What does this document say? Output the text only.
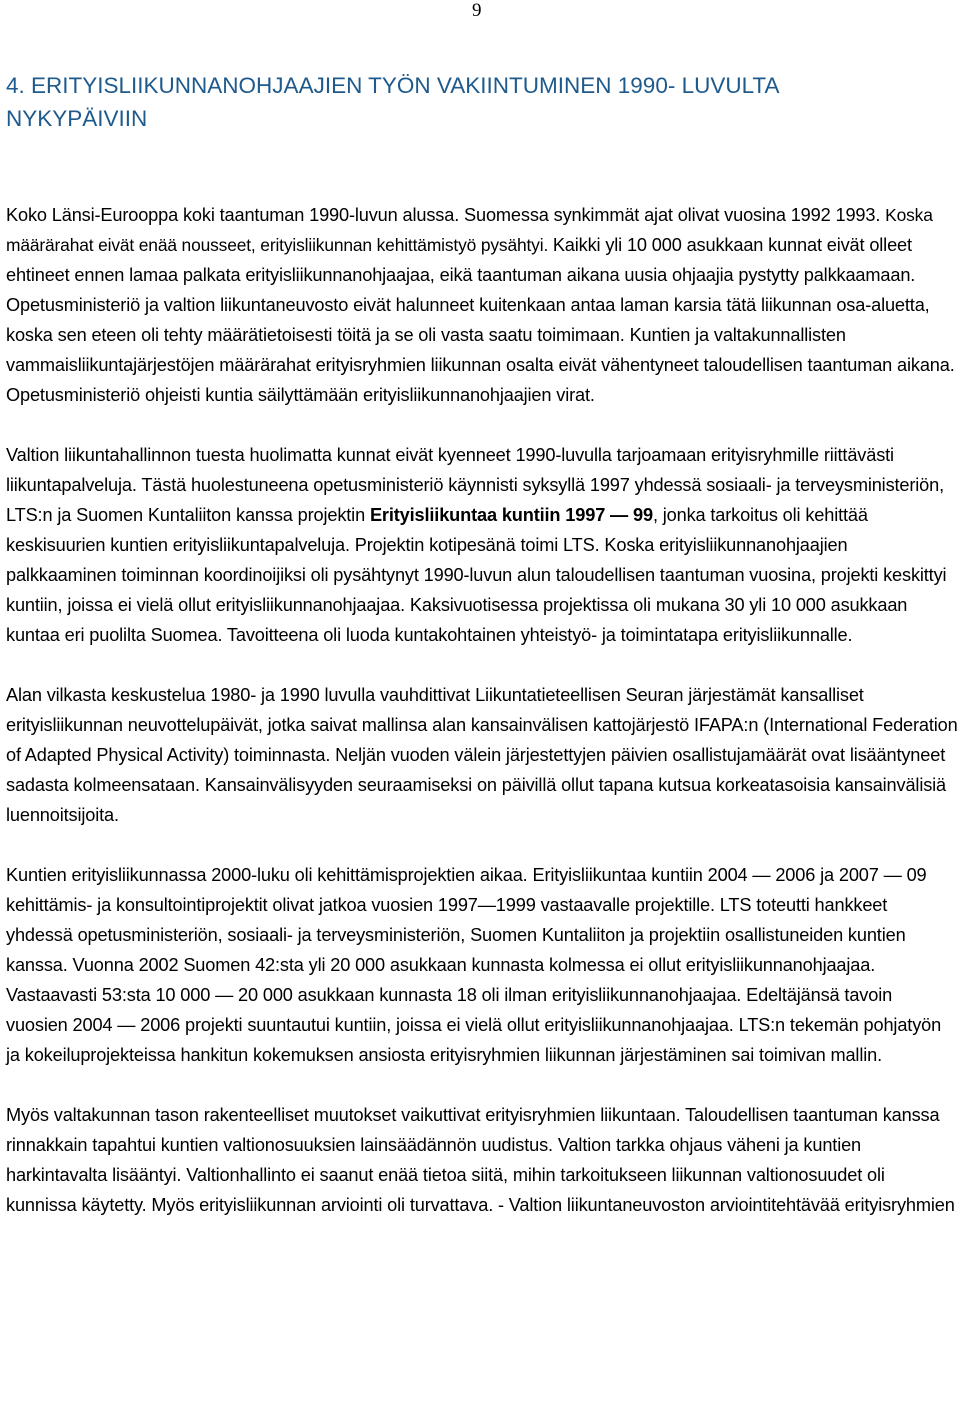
9
4. ERITYISLIIKUNNANOHJAAJIEN TYÖN VAKIINTUMINEN 1990- LUVULTA NYKYPÄIVIIN

Koko Länsi-Eurooppa koki taantuman 1990-luvun alussa. Suomessa synkimmät ajat olivat vuosina 1992 1993. Koska määrärahat eivät enää nousseet, erityisliikunnan kehittämistyö pysähtyi. Kaikki yli 10 000 asukkaan kunnat eivät olleet ehtineet ennen lamaa palkata erityisliikunnanohjaajaa, eikä taantuman aikana uusia ohjaajia pystytty palkkaamaan. Opetusministeriö ja valtion liikuntaneuvosto eivät halunneet kuitenkaan antaa laman karsia tätä liikunnan osa-aluetta, koska sen eteen oli tehty määrätietoisesti töitä ja se oli vasta saatu toimimaan. Kuntien ja valtakunnallisten vammaisliikuntajärjestöjen määrärahat erityisryhmien liikunnan osalta eivät vähentyneet taloudellisen taantuman aikana. Opetusministeriö ohjeisti kuntia säilyttämään erityisliikunnanohjaajien virat.

Valtion liikuntahallinnon tuesta huolimatta kunnat eivät kyenneet 1990-luvulla tarjoamaan erityisryhmille riittävästi liikuntapalveluja. Tästä huolestuneena opetusministeriö käynnisti syksyllä 1997 yhdessä sosiaali- ja terveysministeriön, LTS:n ja Suomen Kuntaliiton kanssa projektin Erityisliikuntaa kuntiin 1997 — 99, jonka tarkoitus oli kehittää keskisuurien kuntien erityisliikuntapalveluja. Projektin kotipesänä toimi LTS. Koska erityisliikunnanohjaajien palkkaaminen toiminnan koordinoijiksi oli pysähtynyt 1990-luvun alun taloudellisen taantuman vuosina, projekti keskittyi kuntiin, joissa ei vielä ollut erityisliikunnanohjaajaa. Kaksivuotisessa projektissa oli mukana 30 yli 10 000 asukkaan kuntaa eri puolilta Suomea. Tavoitteena oli luoda kuntakohtainen yhteistyö- ja toimintatapa erityisliikunnalle.

Alan vilkasta keskustelua 1980- ja 1990 luvulla vauhdittivat Liikuntatieteellisen Seuran järjestämät kansalliset erityisliikunnan neuvottelupäivät, jotka saivat mallinsa alan kansainvälisen kattojärjestö IFAPA:n (International Federation of Adapted Physical Activity) toiminnasta. Neljän vuoden välein järjestettyjen päivien osallistujamäärät ovat lisääntyneet sadasta kolmeensataan. Kansainvälisyyden seuraamiseksi on päivillä ollut tapana kutsua korkeatasoisia kansainvälisiä luennoitsijoita.

Kuntien erityisliikunnassa 2000-luku oli kehittämisprojektien aikaa. Erityisliikuntaa kuntiin 2004 — 2006 ja 2007 — 09 kehittämis- ja konsultointiprojektit olivat jatkoa vuosien 1997—1999 vastaavalle projektille. LTS toteutti hankkeet yhdessä opetusministeriön, sosiaali- ja terveysministeriön, Suomen Kuntaliiton ja projektiin osallistuneiden kuntien kanssa. Vuonna 2002 Suomen 42:sta yli 20 000 asukkaan kunnasta kolmessa ei ollut erityisliikunnanohjaajaa. Vastaavasti 53:sta 10 000 — 20 000 asukkaan kunnasta 18 oli ilman erityisliikunnanohjaajaa. Edeltäjänsä tavoin vuosien 2004 — 2006 projekti suuntautui kuntiin, joissa ei vielä ollut erityisliikunnanohjaajaa. LTS:n tekemän pohjatyön ja kokeiluprojekteissa hankitun kokemuksen ansiosta erityisryhmien liikunnan järjestäminen sai toimivan mallin.

Myös valtakunnan tason rakenteelliset muutokset vaikuttivat erityisryhmien liikuntaan. Taloudellisen taantuman kanssa rinnakkain tapahtui kuntien valtionosuuksien lainsäädännön uudistus. Valtion tarkka ohjaus väheni ja kuntien harkintavalta lisääntyi. Valtionhallinto ei saanut enää tietoa siitä, mihin tarkoitukseen liikunnan valtionosuudet oli kunnissa käytetty. Myös erityisliikunnan arviointi oli turvattava. - Valtion liikuntaneuvoston arviointitehtävää erityisryhmien
